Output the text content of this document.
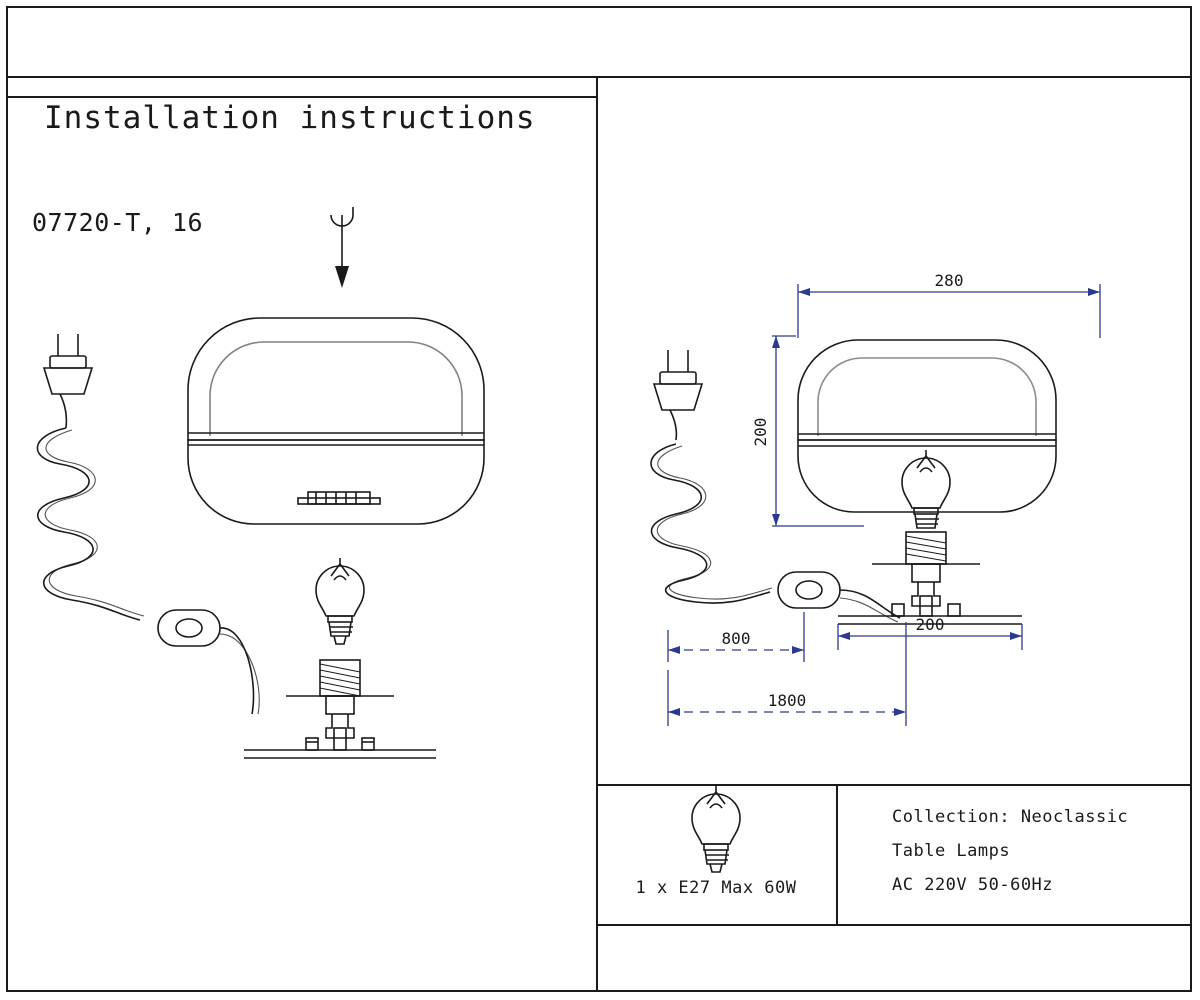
Installation instructions
07720-T, 16
280
200
200
800
1800
1 x E27 Max 60W
Collection: Neoclassic
Table Lamps
AC 220V 50-60Hz
